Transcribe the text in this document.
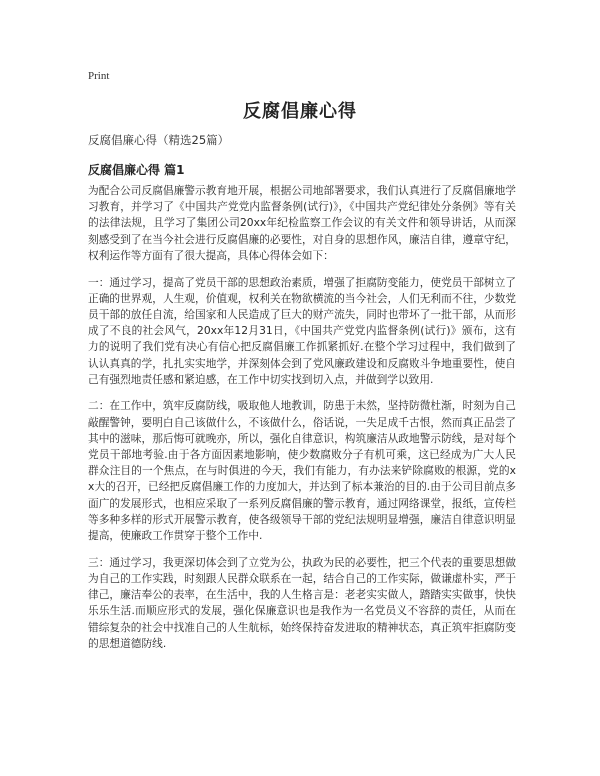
Print
反腐倡廉心得
反腐倡廉心得（精选25篇）
反腐倡廉心得 篇1

为配合公司反腐倡廉警示教育地开展，根据公司地部署要求，我们认真进行了反腐倡廉地学习教育，并学习了《中国共产党党内监督条例(试行)》，《中国共产党纪律处分条例》等有关的法律法规，且学习了集团公司20xx年纪检监察工作会议的有关文件和领导讲话，从而深刻感受到了在当今社会进行反腐倡廉的必要性，对自身的思想作风，廉洁自律，遵章守纪，权利运作等方面有了很大提高，具体心得体会如下：

一：通过学习，提高了党员干部的思想政治素质，增强了拒腐防变能力，使党员干部树立了正确的世界观，人生观，价值观，权利关在物欲横流的当今社会，人们无利而不往，少数党员干部的放任自流，给国家和人民造成了巨大的财产流失，同时也带坏了一批干部，从而形成了不良的社会风气，20xx年12月31日，《中国共产党党内监督条例(试行)》颁布，这有力的说明了我们党有决心有信心把反腐倡廉工作抓紧抓好.在整个学习过程中，我们做到了认认真真的学，扎扎实实地学，并深刻体会到了党风廉政建设和反腐败斗争地重要性，使自己有强烈地责任感和紧迫感，在工作中切实找到切入点，并做到学以致用.

二：在工作中，筑牢反腐防线，吸取他人地教训，防患于未然，坚持防微杜渐，时刻为自己敲醒警钟，要明白自己该做什么，不该做什么，俗话说，一失足成千古恨，然而真正品尝了其中的滋味，那后悔可就晚亦，所以，强化自律意识，构筑廉洁从政地警示防线，是对每个党员干部地考验.由于各方面因素地影响，使少数腐败分子有机可乘，这已经成为广大人民群众注目的一个焦点，在与时俱进的今天，我们有能力，有办法来铲除腐败的根源，党的xx大的召开，已经把反腐倡廉工作的力度加大，并达到了标本兼治的目的.由于公司目前点多面广的发展形式，也相应采取了一系列反腐倡廉的警示教育，通过网络课堂，报纸，宣传栏等多种多样的形式开展警示教育，使各级领导干部的党纪法规明显增强，廉洁自律意识明显提高，使廉政工作贯穿于整个工作中.

三：通过学习，我更深切体会到了立党为公，执政为民的必要性，把三个代表的重要思想做为自己的工作实践，时刻跟人民群众联系在一起，结合自己的工作实际，做谦虚朴实，严于律己，廉洁奉公的表率，在生活中，我的人生格言是：老老实实做人，踏踏实实做事，快快乐乐生活.而顺应形式的发展，强化保廉意识也是我作为一名党员义不容辞的责任，从而在错综复杂的社会中找准自己的人生航标，始终保持奋发进取的精神状态，真正筑牢拒腐防变的思想道德防线.
